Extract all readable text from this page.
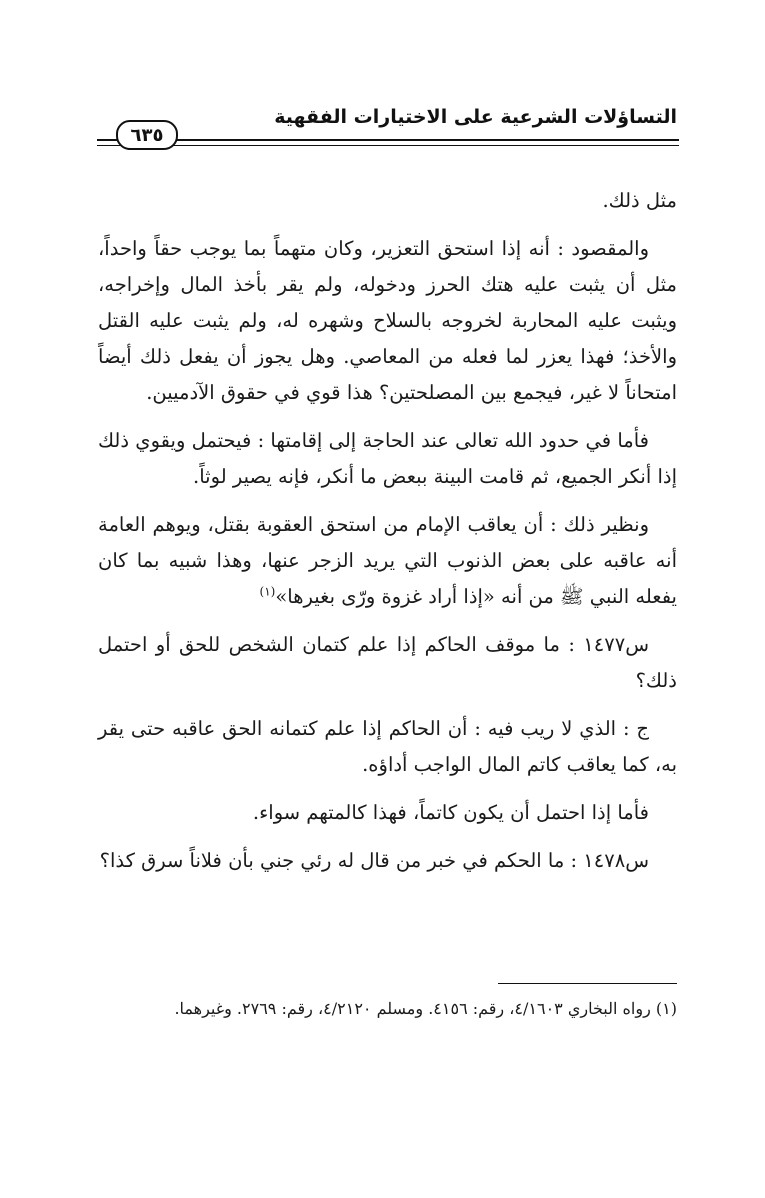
التساؤلات الشرعية على الاختيارات الفقهية
٦٣٥

مثل ذلك.

والمقصود : أنه إذا استحق التعزير، وكان متهماً بما يوجب حقاً واحداً، مثل أن يثبت عليه هتك الحرز ودخوله، ولم يقر بأخذ المال وإخراجه، ويثبت عليه المحاربة لخروجه بالسلاح وشهره له، ولم يثبت عليه القتل والأخذ؛ فهذا يعزر لما فعله من المعاصي. وهل يجوز أن يفعل ذلك أيضاً امتحاناً لا غير، فيجمع بين المصلحتين؟ هذا قوي في حقوق الآدميين.

فأما في حدود الله تعالى عند الحاجة إلى إقامتها : فيحتمل ويقوي ذلك إذا أنكر الجميع، ثم قامت البينة ببعض ما أنكر، فإنه يصير لوثاً.

ونظير ذلك : أن يعاقب الإمام من استحق العقوبة بقتل، ويوهم العامة أنه عاقبه على بعض الذنوب التي يريد الزجر عنها، وهذا شبيه بما كان يفعله النبي ﷺ من أنه «إذا أراد غزوة ورّى بغيرها»$^{(١)}$

س١٤٧٧ : ما موقف الحاكم إذا علم كتمان الشخص للحق أو احتمل ذلك؟

ج : الذي لا ريب فيه : أن الحاكم إذا علم كتمانه الحق عاقبه حتى يقر به، كما يعاقب كاتم المال الواجب أداؤه.

فأما إذا احتمل أن يكون كاتماً، فهذا كالمتهم سواء.

س١٤٧٨ : ما الحكم في خبر من قال له رئي جني بأن فلاناً سرق كذا؟

(١) رواه البخاري ٤/١٦٠٣، رقم: ٤١٥٦. ومسلم ٤/٢١٢٠، رقم: ٢٧٦٩. وغيرهما.
